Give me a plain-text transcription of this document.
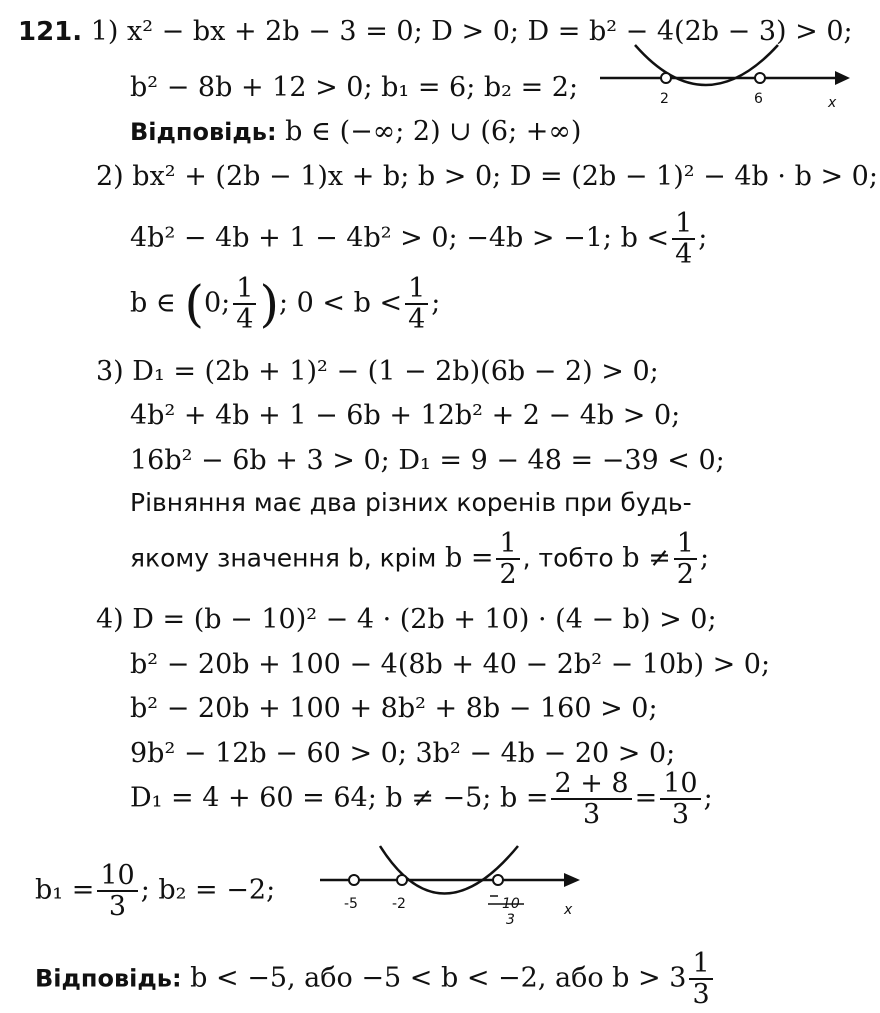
121. 1) x² − bx + 2b − 3 = 0; D > 0; D = b² − 4(2b − 3) > 0;
b² − 8b + 12 > 0; b₁ = 6; b₂ = 2;	2	6	x
Відповідь: b ∈ (−∞; 2) ∪ (6; +∞)
2) bx² + (2b − 1)x + b; b > 0; D = (2b − 1)² − 4b · b > 0;
4b² − 4b + 1 − 4b² > 0; −4b > −1; $b < \frac{1}{4}$ ;
b ∈ (0; $\frac{1}{4}$ ); $0 < b < \frac{1}{4}$ ;
3) D₁ = (2b + 1)² − (1 − 2b)(6b − 2) > 0;
4b² + 4b + 1 − 6b + 12b² + 2 − 4b > 0;
16b² − 6b + 3 > 0; D₁ = 9 − 48 = −39 < 0;
Рівняння має два різних коренів при будь-
якому значення b, крім $b = \frac{1}{2}$ , тобто $b \ne \frac{1}{2}$ ;
4) D = (b − 10)² − 4 · (2b + 10) · (4 − b) > 0;
b² − 20b + 100 − 4(8b + 40 − 2b² − 10b) > 0;
b² − 20b + 100 + 8b² + 8b − 160 > 0;
9b² − 12b − 60 > 0; 3b² − 4b − 20 > 0;
D₁ = 4 + 60 = 64; b ≠ −5; $b = \frac{2 + 8}{3} = \frac{10}{3}$ ;
$b_1 = \frac{10}{3}$ ; b₂ = −2;	-5 -2	10
3
x
Відповідь: b < −5, або −5 < b < −2, або $b > 3 \frac{1}{3}$
